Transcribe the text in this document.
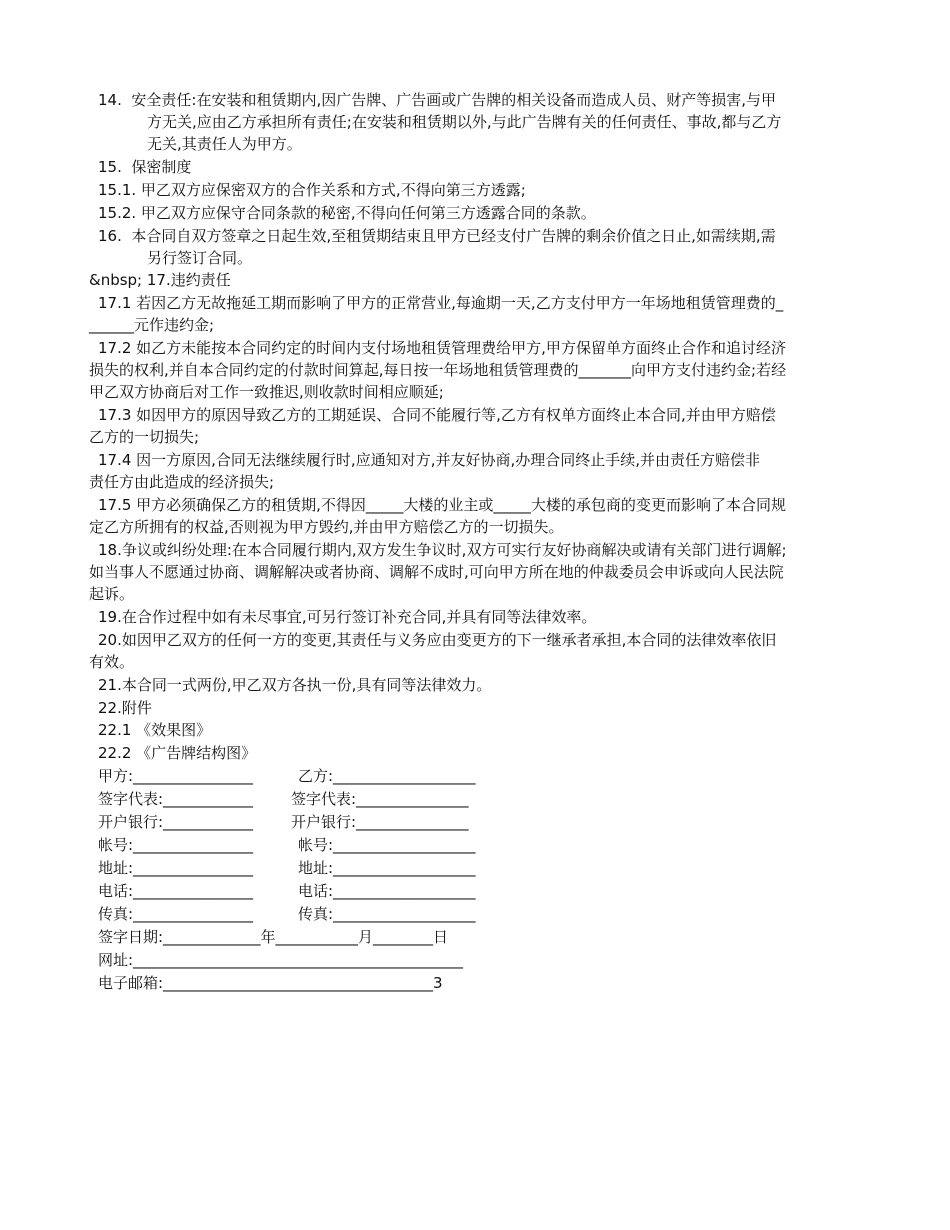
14.  安全责任:在安装和租赁期内,因广告牌、广告画或广告牌的相关设备而造成人员、财产等损害,与甲
方无关,应由乙方承担所有责任;在安装和租赁期以外,与此广告牌有关的任何责任、事故,都与乙方
无关,其责任人为甲方。
15.  保密制度
15.1. 甲乙双方应保密双方的合作关系和方式,不得向第三方透露;
15.2. 甲乙双方应保守合同条款的秘密,不得向任何第三方透露合同的条款。
16.  本合同自双方签章之日起生效,至租赁期结束且甲方已经支付广告牌的剩余价值之日止,如需续期,需
另行签订合同。
&nbsp; 17.违约责任
17.1 若因乙方无故拖延工期而影响了甲方的正常营业,每逾期一天,乙方支付甲方一年场地租赁管理费的_
______元作违约金;
17.2 如乙方未能按本合同约定的时间内支付场地租赁管理费给甲方,甲方保留单方面终止合作和追讨经济
损失的权利,并自本合同约定的付款时间算起,每日按一年场地租赁管理费的_______向甲方支付违约金;若经
甲乙双方协商后对工作一致推迟,则收款时间相应顺延;
17.3 如因甲方的原因导致乙方的工期延误、合同不能履行等,乙方有权单方面终止本合同,并由甲方赔偿
乙方的一切损失;
17.4 因一方原因,合同无法继续履行时,应通知对方,并友好协商,办理合同终止手续,并由责任方赔偿非
责任方由此造成的经济损失;
17.5 甲方必须确保乙方的租赁期,不得因_____大楼的业主或_____大楼的承包商的变更而影响了本合同规
定乙方所拥有的权益,否则视为甲方毁约,并由甲方赔偿乙方的一切损失。
18.争议或纠纷处理:在本合同履行期内,双方发生争议时,双方可实行友好协商解决或请有关部门进行调解;
如当事人不愿通过协商、调解解决或者协商、调解不成时,可向甲方所在地的仲裁委员会申诉或向人民法院
起诉。
19.在合作过程中如有未尽事宜,可另行签订补充合同,并具有同等法律效率。
20.如因甲乙双方的任何一方的变更,其责任与义务应由变更方的下一继承者承担,本合同的法律效率依旧
有效。
21.本合同一式两份,甲乙双方各执一份,具有同等法律效力。
22.附件
22.1 《效果图》
22.2 《广告牌结构图》
甲方:________________	乙方:___________________
签字代表:____________	签字代表:_______________
开户银行:____________	开户银行:_______________
帐号:________________	帐号:___________________
地址:________________	地址:___________________
电话:________________	电话:___________________
传真:________________	传真:___________________
签字日期:_____________年___________月________日
网址:____________________________________________
电子邮箱:____________________________________3
